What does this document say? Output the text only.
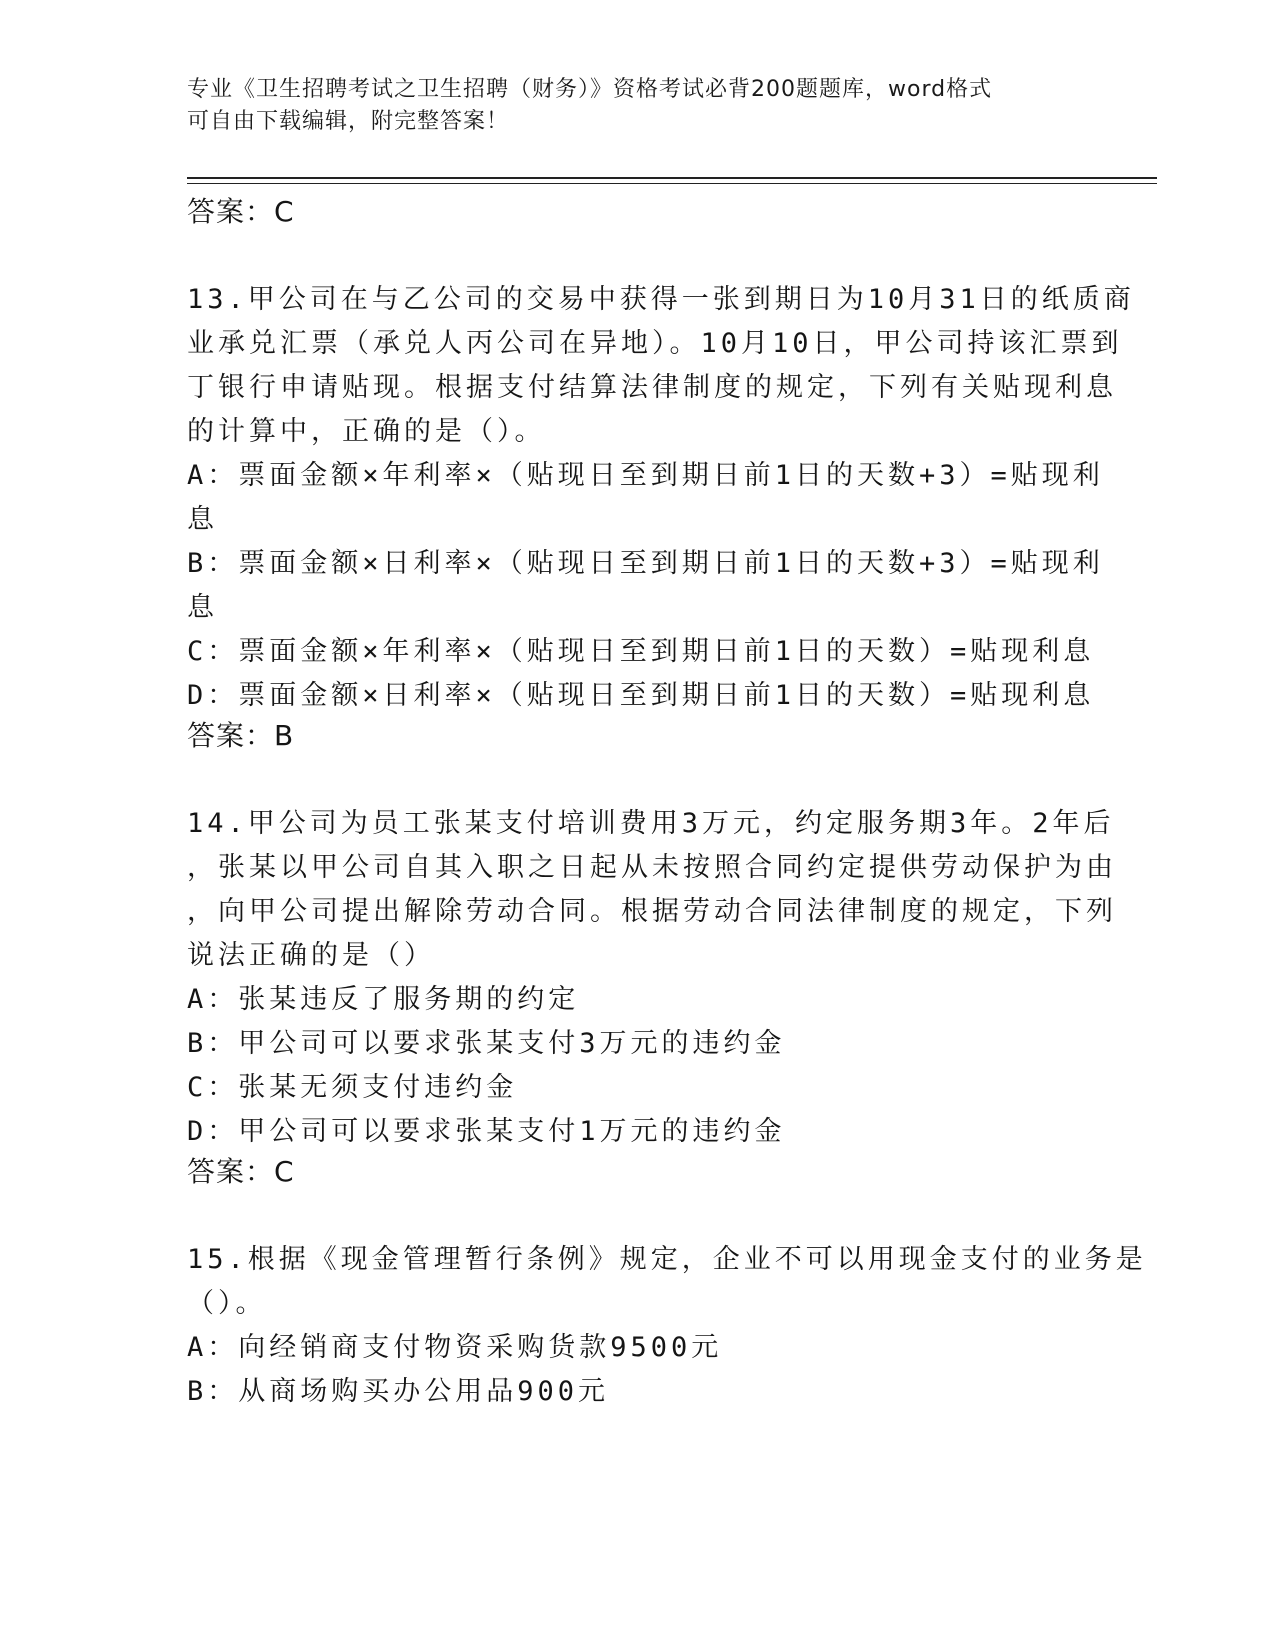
专业《卫生招聘考试之卫生招聘（财务）》资格考试必背200题题库，word格式
可自由下载编辑，附完整答案！
答案：C
13.甲公司在与乙公司的交易中获得一张到期日为10月31日的纸质商
业承兑汇票（承兑人丙公司在异地）。10月10日，甲公司持该汇票到
丁银行申请贴现。根据支付结算法律制度的规定，下列有关贴现利息
的计算中，正确的是（）。
A：票面金额×年利率×（贴现日至到期日前1日的天数+3）=贴现利
息
B：票面金额×日利率×（贴现日至到期日前1日的天数+3）=贴现利
息
C：票面金额×年利率×（贴现日至到期日前1日的天数）=贴现利息
D：票面金额×日利率×（贴现日至到期日前1日的天数）=贴现利息
答案：B
14.甲公司为员工张某支付培训费用3万元，约定服务期3年。2年后
，张某以甲公司自其入职之日起从未按照合同约定提供劳动保护为由
，向甲公司提出解除劳动合同。根据劳动合同法律制度的规定，下列
说法正确的是（）
A：张某违反了服务期的约定
B：甲公司可以要求张某支付3万元的违约金
C：张某无须支付违约金
D：甲公司可以要求张某支付1万元的违约金
答案：C
15.根据《现金管理暂行条例》规定，企业不可以用现金支付的业务是
（）。
A：向经销商支付物资采购货款9500元
B：从商场购买办公用品900元
